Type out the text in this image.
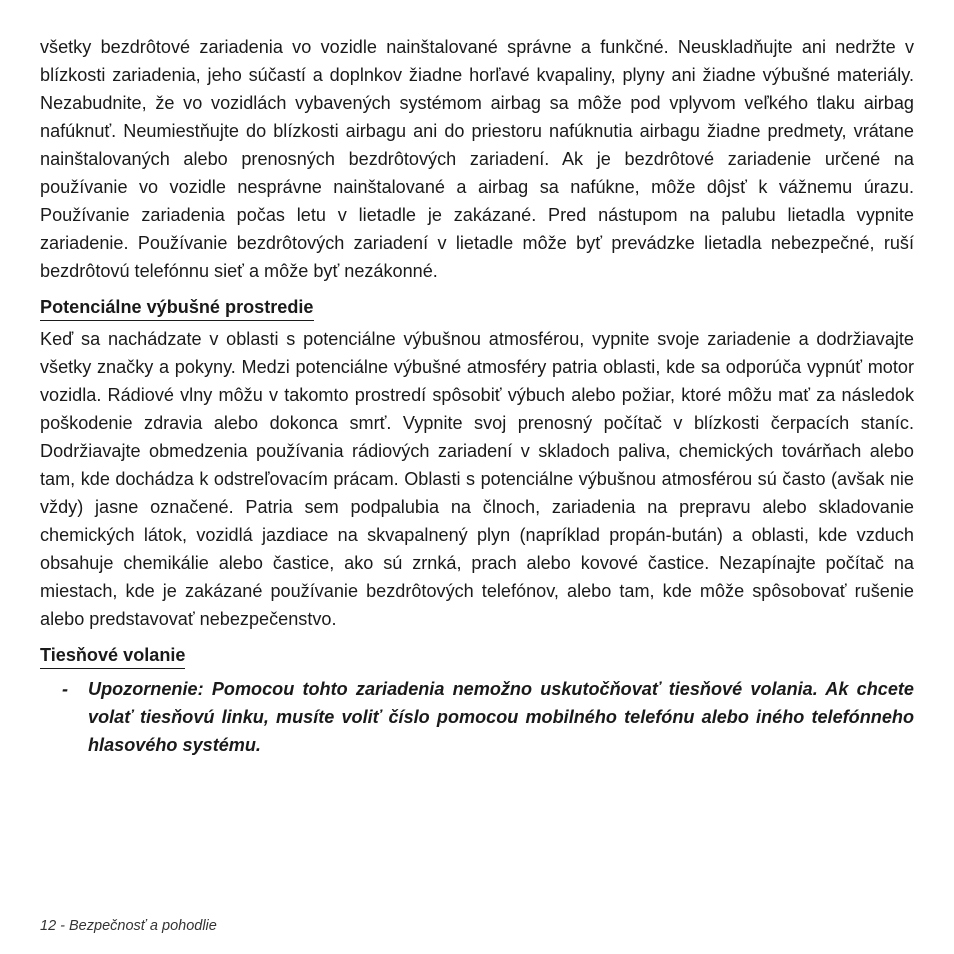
všetky bezdrôtové zariadenia vo vozidle nainštalované správne a funkčné. Neuskladňujte ani nedržte v blízkosti zariadenia, jeho súčastí a doplnkov žiadne horľavé kvapaliny, plyny ani žiadne výbušné materiály. Nezabudnite, že vo vozidlách vybavených systémom airbag sa môže pod vplyvom veľkého tlaku airbag nafúknuť. Neumiestňujte do blízkosti airbagu ani do priestoru nafúknutia airbagu žiadne predmety, vrátane nainštalovaných alebo prenosných bezdrôtových zariadení. Ak je bezdrôtové zariadenie určené na používanie vo vozidle nesprávne nainštalované a airbag sa nafúkne, môže dôjsť k vážnemu úrazu. Používanie zariadenia počas letu v lietadle je zakázané. Pred nástupom na palubu lietadla vypnite zariadenie. Používanie bezdrôtových zariadení v lietadle môže byť prevádzke lietadla nebezpečné, ruší bezdrôtovú telefónnu sieť a môže byť nezákonné.

Potenciálne výbušné prostredie

Keď sa nachádzate v oblasti s potenciálne výbušnou atmosférou, vypnite svoje zariadenie a dodržiavajte všetky značky a pokyny. Medzi potenciálne výbušné atmosféry patria oblasti, kde sa odporúča vypnúť motor vozidla. Rádiové vlny môžu v takomto prostredí spôsobiť výbuch alebo požiar, ktoré môžu mať za následok poškodenie zdravia alebo dokonca smrť. Vypnite svoj prenosný počítač v blízkosti čerpacích staníc. Dodržiavajte obmedzenia používania rádiových zariadení v skladoch paliva, chemických továrňach alebo tam, kde dochádza k odstreľovacím prácam. Oblasti s potenciálne výbušnou atmosférou sú často (avšak nie vždy) jasne označené. Patria sem podpalubia na člnoch, zariadenia na prepravu alebo skladovanie chemických látok, vozidlá jazdiace na skvapalnený plyn (napríklad propán-bután) a oblasti, kde vzduch obsahuje chemikálie alebo častice, ako sú zrnká, prach alebo kovové častice. Nezapínajte počítač na miestach, kde je zakázané používanie bezdrôtových telefónov, alebo tam, kde môže spôsobovať rušenie alebo predstavovať nebezpečenstvo.

Tiesňové volanie
- Upozornenie: Pomocou tohto zariadenia nemožno uskutočňovať tiesňové volania. Ak chcete volať tiesňovú linku, musíte voliť číslo pomocou mobilného telefónu alebo iného telefónneho hlasového systému.

12 - Bezpečnosť a pohodlie
